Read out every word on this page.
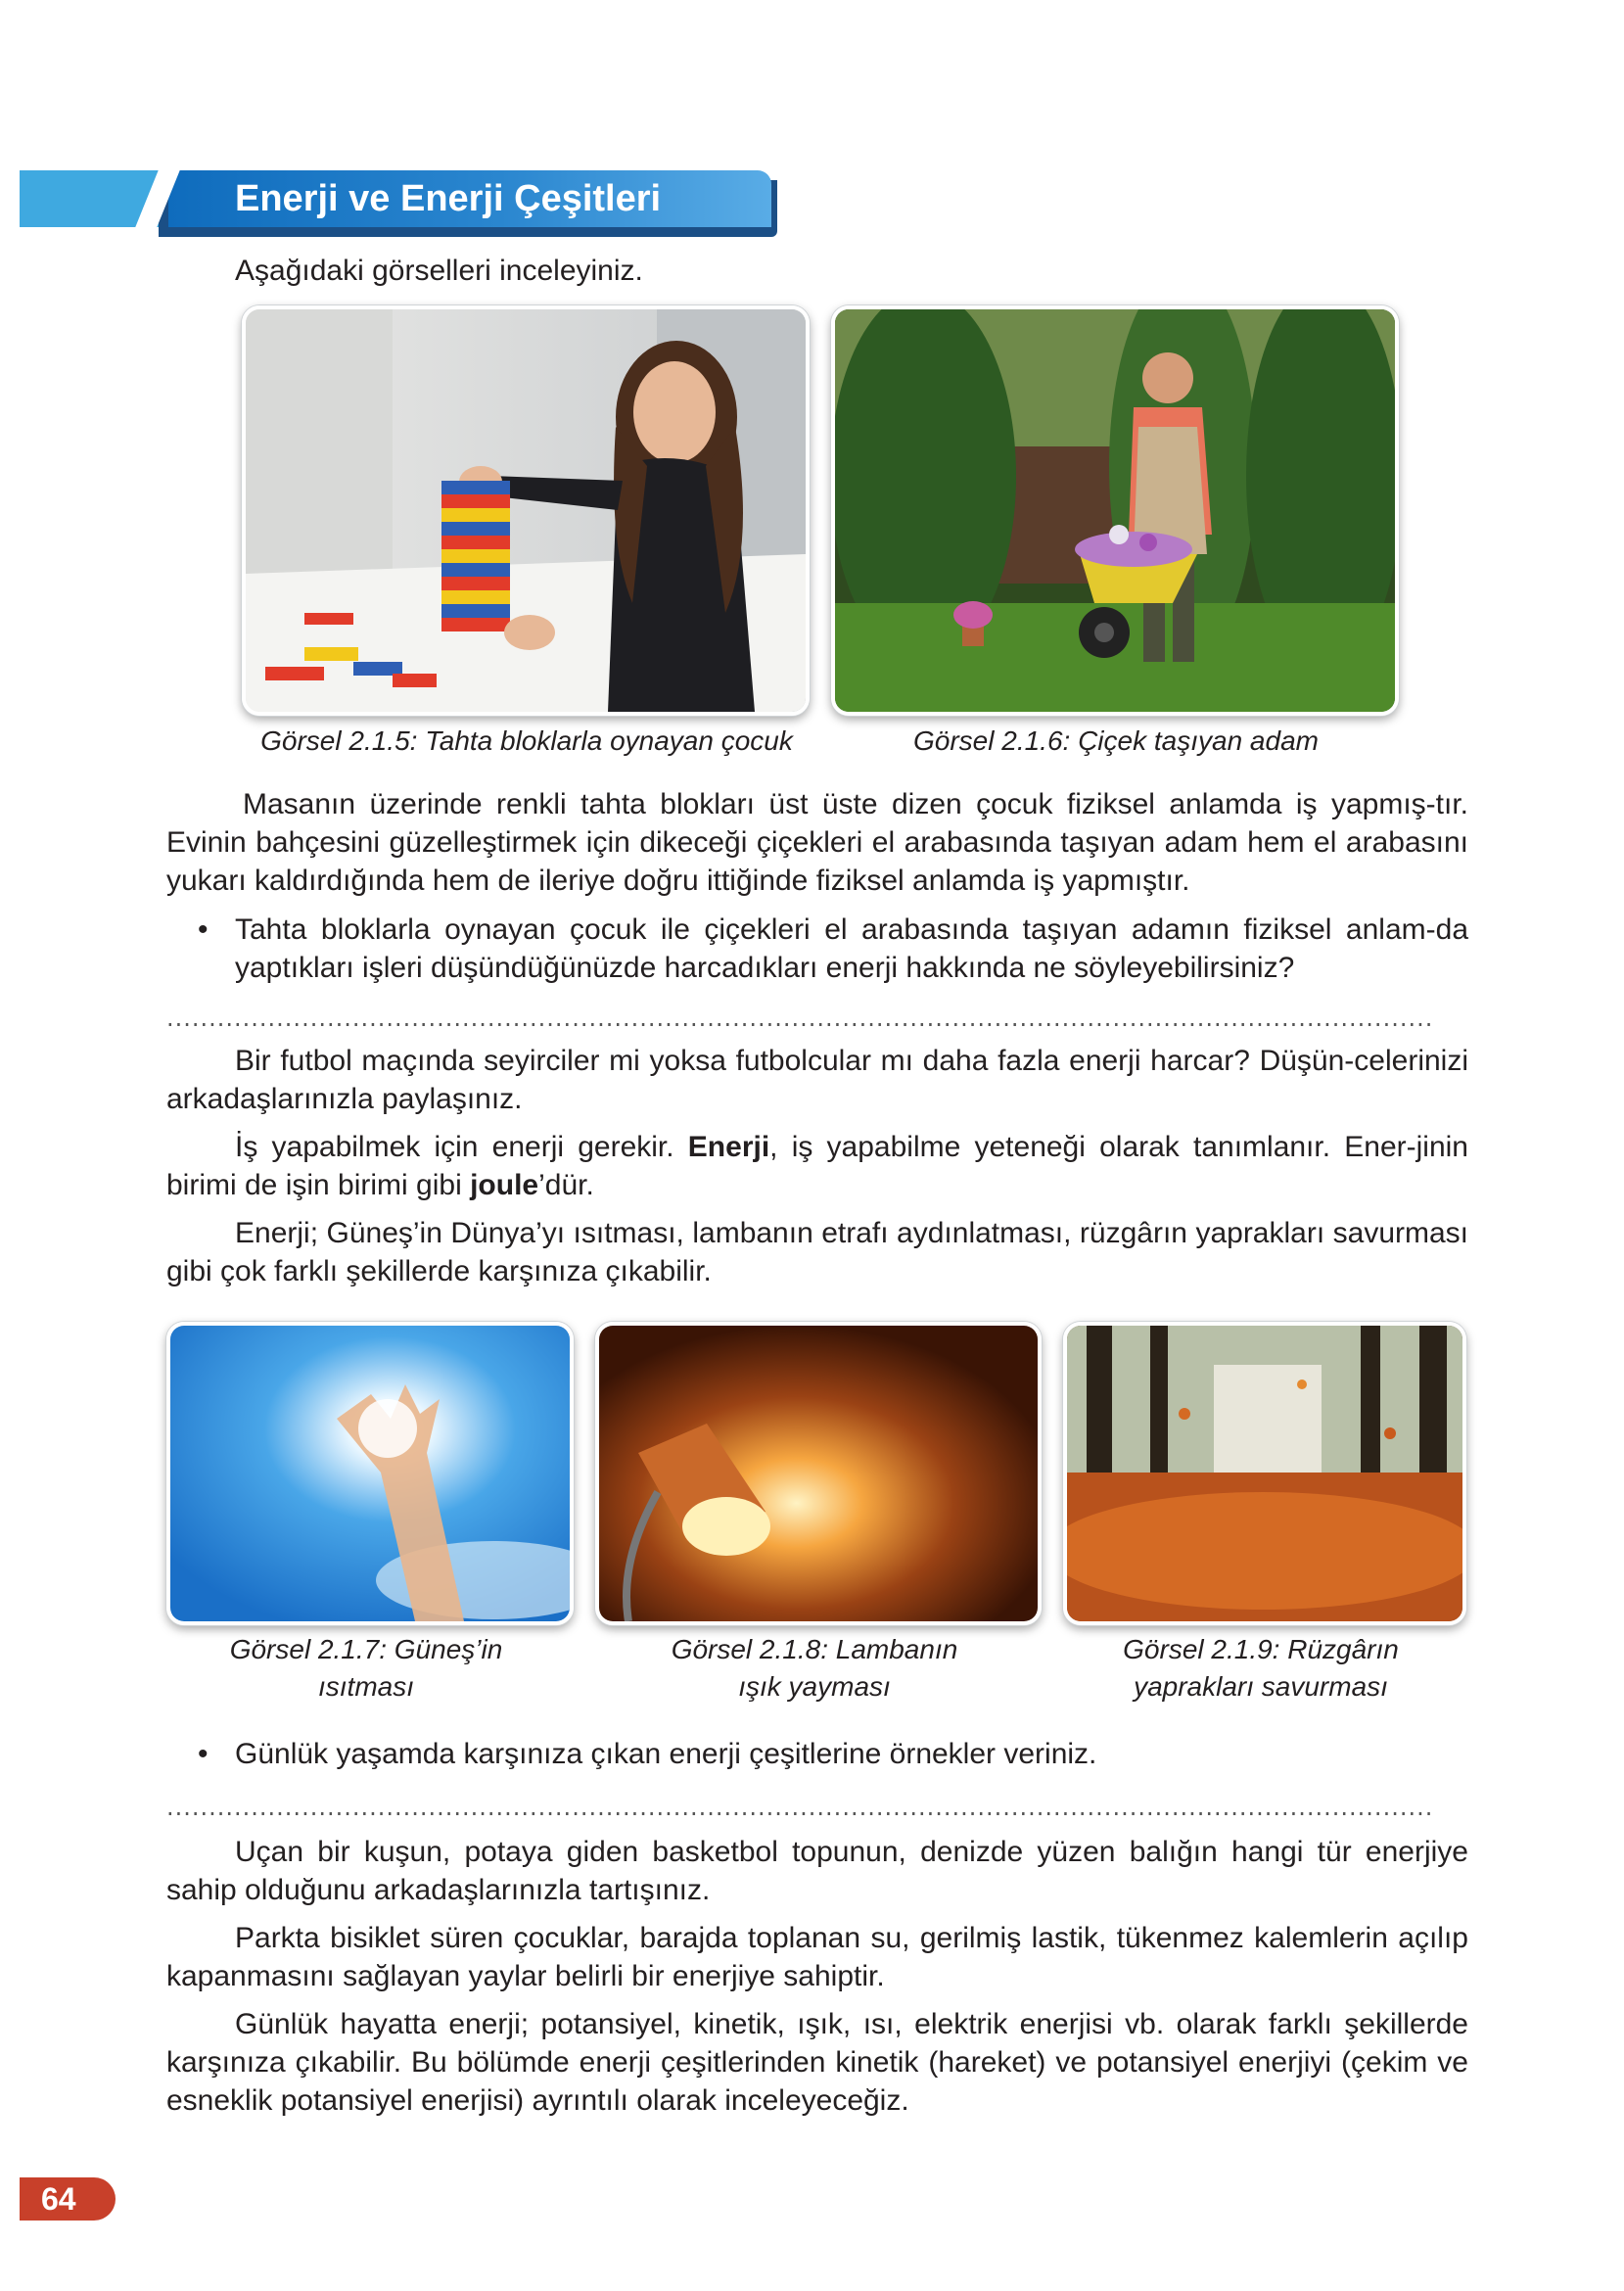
Enerji ve Enerji Çeşitleri
Aşağıdaki görselleri inceleyiniz.
Görsel 2.1.5: Tahta bloklarla oynayan çocuk	Görsel 2.1.6: Çiçek taşıyan adam
Masanın üzerinde renkli tahta blokları üst üste dizen çocuk fiziksel anlamda iş yapmış-tır. Evinin bahçesini güzelleştirmek için dikeceği çiçekleri el arabasında taşıyan adam hem el arabasını yukarı kaldırdığında hem de ileriye doğru ittiğinde fiziksel anlamda iş yapmıştır.
• Tahta bloklarla oynayan çocuk ile çiçekleri el arabasında taşıyan adamın fiziksel anlam-da yaptıkları işleri düşündüğünüzde harcadıkları enerji hakkında ne söyleyebilirsiniz?
......................................................................................................................................................
Bir futbol maçında seyirciler mi yoksa futbolcular mı daha fazla enerji harcar? Düşün-celerinizi arkadaşlarınızla paylaşınız.
İş yapabilmek için enerji gerekir. Enerji, iş yapabilme yeteneği olarak tanımlanır. Ener-jinin birimi de işin birimi gibi joule’dür.
Enerji; Güneş’in Dünya’yı ısıtması, lambanın etrafı aydınlatması, rüzgârın yaprakları savurması gibi çok farklı şekillerde karşınıza çıkabilir.
Görsel 2.1.7: Güneş’in
ısıtması
Görsel 2.1.8: Lambanın
ışık yayması
Görsel 2.1.9: Rüzgârın
yaprakları savurması
• Günlük yaşamda karşınıza çıkan enerji çeşitlerine örnekler veriniz.
......................................................................................................................................................
Uçan bir kuşun, potaya giden basketbol topunun, denizde yüzen balığın hangi tür enerjiye sahip olduğunu arkadaşlarınızla tartışınız.
Parkta bisiklet süren çocuklar, barajda toplanan su, gerilmiş lastik, tükenmez kalemlerin açılıp kapanmasını sağlayan yaylar belirli bir enerjiye sahiptir.
Günlük hayatta enerji; potansiyel, kinetik, ışık, ısı, elektrik enerjisi vb. olarak farklı şekillerde karşınıza çıkabilir. Bu bölümde enerji çeşitlerinden kinetik (hareket) ve potansiyel enerjiyi (çekim ve esneklik potansiyel enerjisi) ayrıntılı olarak inceleyeceğiz.
64
